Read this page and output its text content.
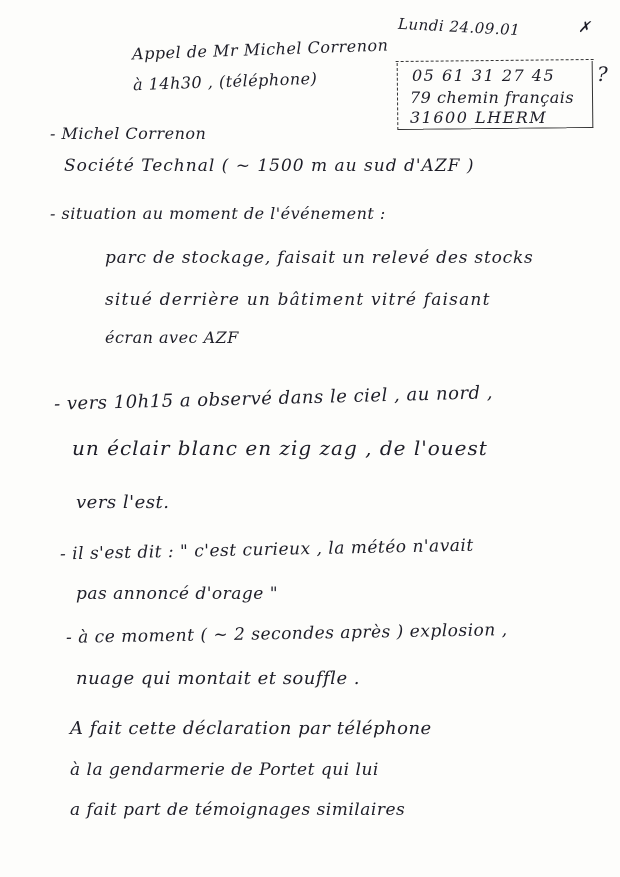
Lundi 24.09.01	✗
Appel de Mr Michel Correnon
à 14h30 , (téléphone)	05 61 31 27 45
79 chemin français
31600 LHERM
?
- Michel Correnon
Société Technal ( ~ 1500 m au sud d'AZF )
- situation au moment de l'événement :
parc de stockage, faisait un relevé des stocks
situé derrière un bâtiment vitré faisant
écran avec AZF
- vers 10h15 a observé dans le ciel , au nord ,
un éclair blanc en zig zag , de l'ouest
vers l'est.
- il s'est dit : " c'est curieux , la météo n'avait
pas annoncé d'orage "
- à ce moment ( ~ 2 secondes après ) explosion ,
nuage qui montait et souffle .
A fait cette déclaration par téléphone
à la gendarmerie de Portet qui lui
a fait part de témoignages similaires
